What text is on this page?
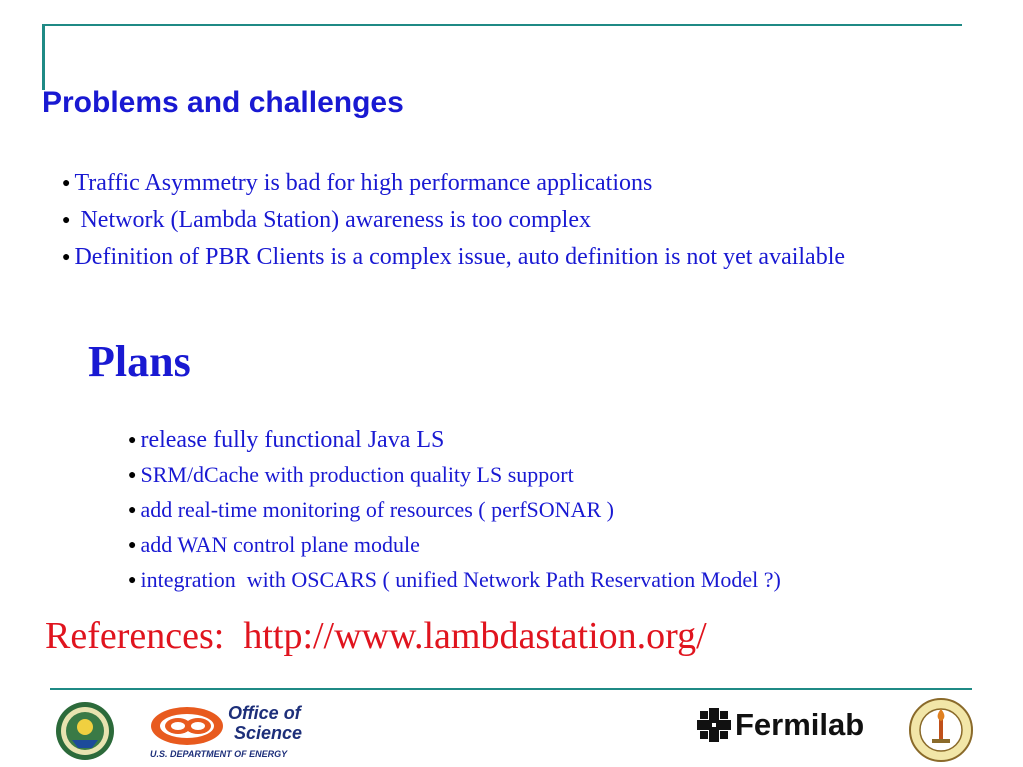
Problems and challenges
● Traffic Asymmetry is bad for high performance applications
● Network (Lambda Station) awareness is too complex
● Definition of PBR Clients is a complex issue, auto definition is not yet available
Plans
● release fully functional Java LS
● SRM/dCache with production quality LS support
● add real-time monitoring of resources ( perfSONAR )
● add WAN control plane module
● integration  with OSCARS ( unified Network Path Reservation Model ?)
References:  http://www.lambdastation.org/
Office of
Science
U.S. DEPARTMENT OF ENERGY
Fermilab
